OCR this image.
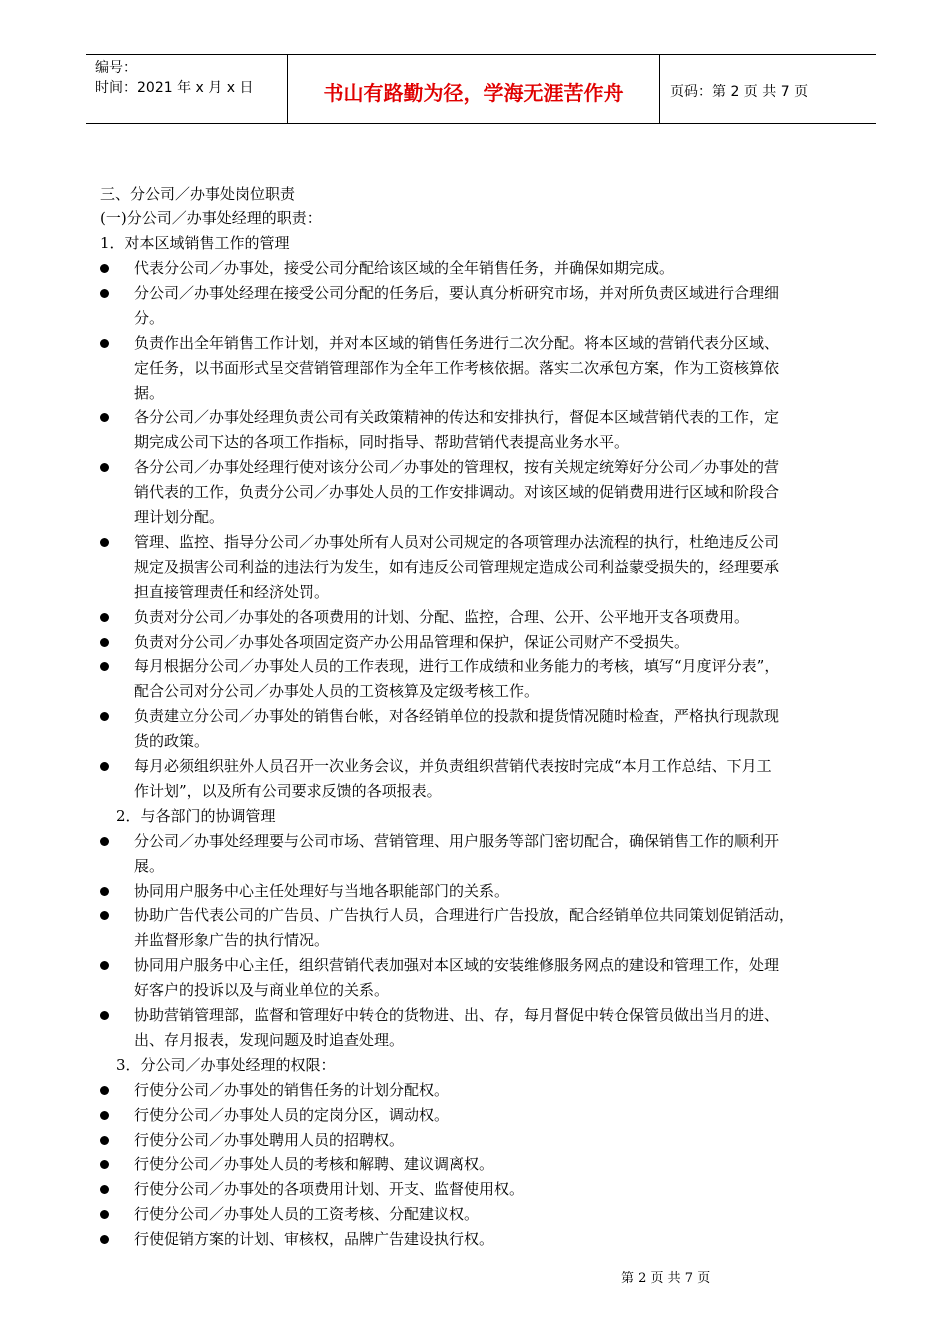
编号：
时间：2021 年 x 月 x 日	书山有路勤为径，学海无涯苦作舟	页码：第 2 页 共 7 页
三、分公司／办事处岗位职责
(一)分公司／办事处经理的职责：
1．对本区域销售工作的管理
代表分公司／办事处，接受公司分配给该区域的全年销售任务，并确保如期完成。
分公司／办事处经理在接受公司分配的任务后，要认真分析研究市场，并对所负责区域进行合理细
分。
负责作出全年销售工作计划，并对本区域的销售任务进行二次分配。将本区域的营销代表分区域、
定任务，以书面形式呈交营销管理部作为全年工作考核依据。落实二次承包方案，作为工资核算依
据。
各分公司／办事处经理负责公司有关政策精神的传达和安排执行，督促本区域营销代表的工作，定
期完成公司下达的各项工作指标，同时指导、帮助营销代表提高业务水平。
各分公司／办事处经理行使对该分公司／办事处的管理权，按有关规定统筹好分公司／办事处的营
销代表的工作，负责分公司／办事处人员的工作安排调动。对该区域的促销费用进行区域和阶段合
理计划分配。
管理、监控、指导分公司／办事处所有人员对公司规定的各项管理办法流程的执行，杜绝违反公司
规定及损害公司利益的违法行为发生，如有违反公司管理规定造成公司利益蒙受损失的，经理要承
担直接管理责任和经济处罚。
负责对分公司／办事处的各项费用的计划、分配、监控，合理、公开、公平地开支各项费用。
负责对分公司／办事处各项固定资产办公用品管理和保护，保证公司财产不受损失。
每月根据分公司／办事处人员的工作表现，进行工作成绩和业务能力的考核，填写“月度评分表”，
配合公司对分公司／办事处人员的工资核算及定级考核工作。
负责建立分公司／办事处的销售台帐，对各经销单位的投款和提货情况随时检查，严格执行现款现
货的政策。
每月必须组织驻外人员召开一次业务会议，并负责组织营销代表按时完成“本月工作总结、下月工
作计划”，以及所有公司要求反馈的各项报表。
2．与各部门的协调管理
分公司／办事处经理要与公司市场、营销管理、用户服务等部门密切配合，确保销售工作的顺利开
展。
协同用户服务中心主任处理好与当地各职能部门的关系。
协助广告代表公司的广告员、广告执行人员，合理进行广告投放，配合经销单位共同策划促销活动，
并监督形象广告的执行情况。
协同用户服务中心主任，组织营销代表加强对本区域的安装维修服务网点的建设和管理工作，处理
好客户的投诉以及与商业单位的关系。
协助营销管理部，监督和管理好中转仓的货物进、出、存，每月督促中转仓保管员做出当月的进、
出、存月报表，发现问题及时追查处理。
3．分公司／办事处经理的权限：
行使分公司／办事处的销售任务的计划分配权。
行使分公司／办事处人员的定岗分区，调动权。
行使分公司／办事处聘用人员的招聘权。
行使分公司／办事处人员的考核和解聘、建议调离权。
行使分公司／办事处的各项费用计划、开支、监督使用权。
行使分公司／办事处人员的工资考核、分配建议权。
行使促销方案的计划、审核权，品牌广告建设执行权。
第 2 页 共 7 页
